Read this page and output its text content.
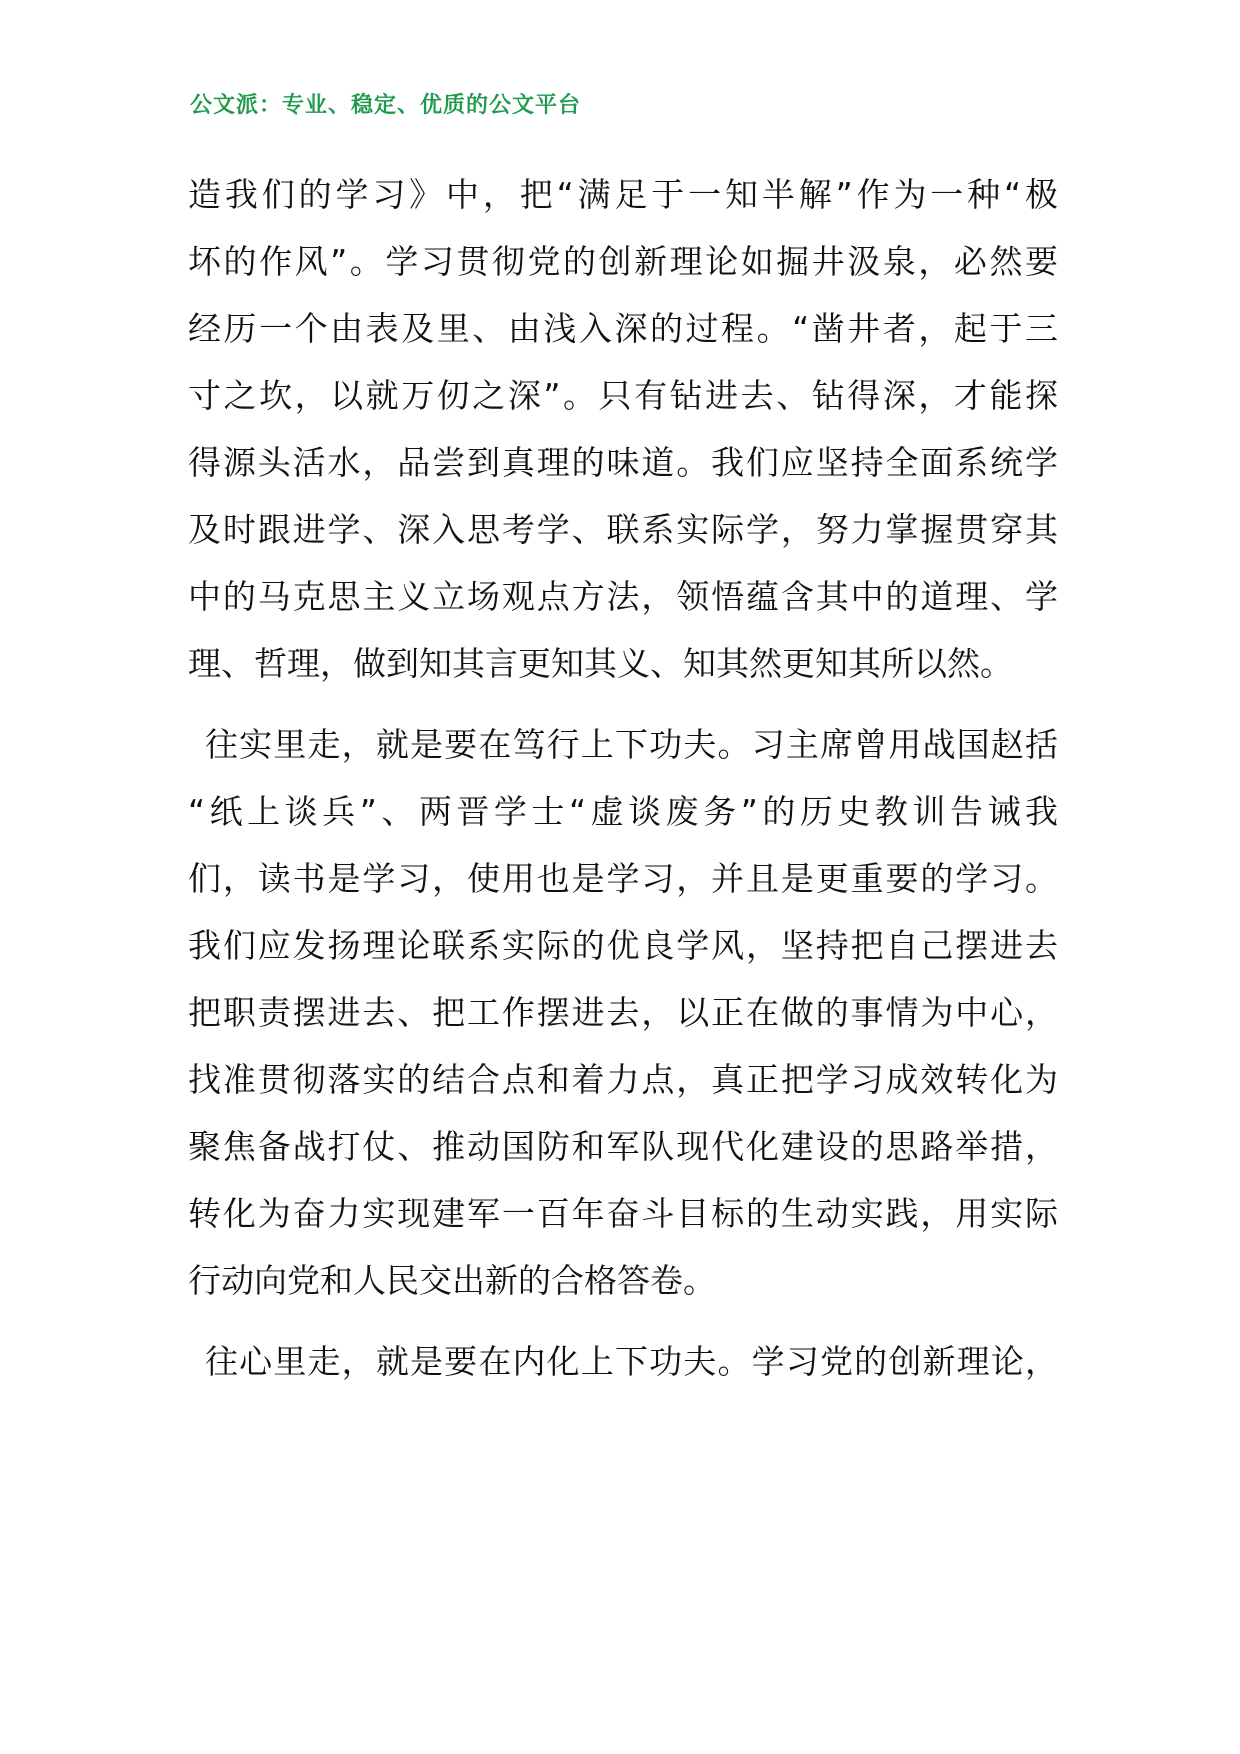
公文派：专业、稳定、优质的公文平台
造我们的学习》中，把“满足于一知半解”作为一种“极
坏的作风”。学习贯彻党的创新理论如掘井汲泉，必然要
经历一个由表及里、由浅入深的过程。“凿井者，起于三
寸之坎，以就万仞之深”。只有钻进去、钻得深，才能探
得源头活水，品尝到真理的味道。我们应坚持全面系统学
及时跟进学、深入思考学、联系实际学，努力掌握贯穿其
中的马克思主义立场观点方法，领悟蕴含其中的道理、学
理、哲理，做到知其言更知其义、知其然更知其所以然。
往实里走，就是要在笃行上下功夫。习主席曾用战国赵括
“纸上谈兵”、两晋学士“虚谈废务”的历史教训告诫我
们，读书是学习，使用也是学习，并且是更重要的学习。
我们应发扬理论联系实际的优良学风，坚持把自己摆进去
把职责摆进去、把工作摆进去，以正在做的事情为中心，
找准贯彻落实的结合点和着力点，真正把学习成效转化为
聚焦备战打仗、推动国防和军队现代化建设的思路举措，
转化为奋力实现建军一百年奋斗目标的生动实践，用实际
行动向党和人民交出新的合格答卷。
往心里走，就是要在内化上下功夫。学习党的创新理论，
